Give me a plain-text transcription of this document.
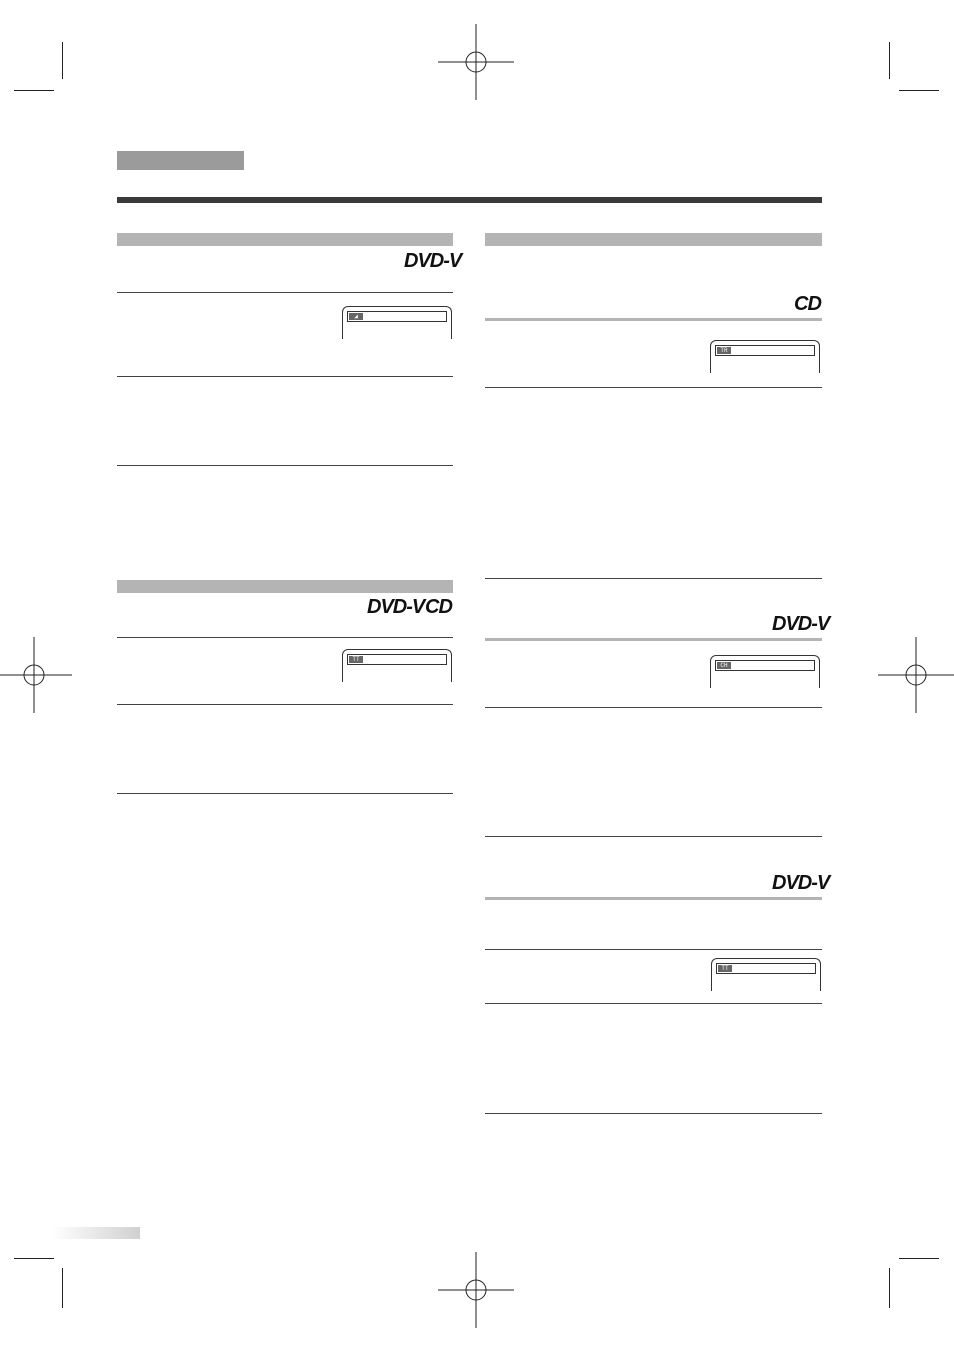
DVD-V
◢
DVD-V CD
TT
CD
TR
DVD-V
CH
DVD-V
TT
